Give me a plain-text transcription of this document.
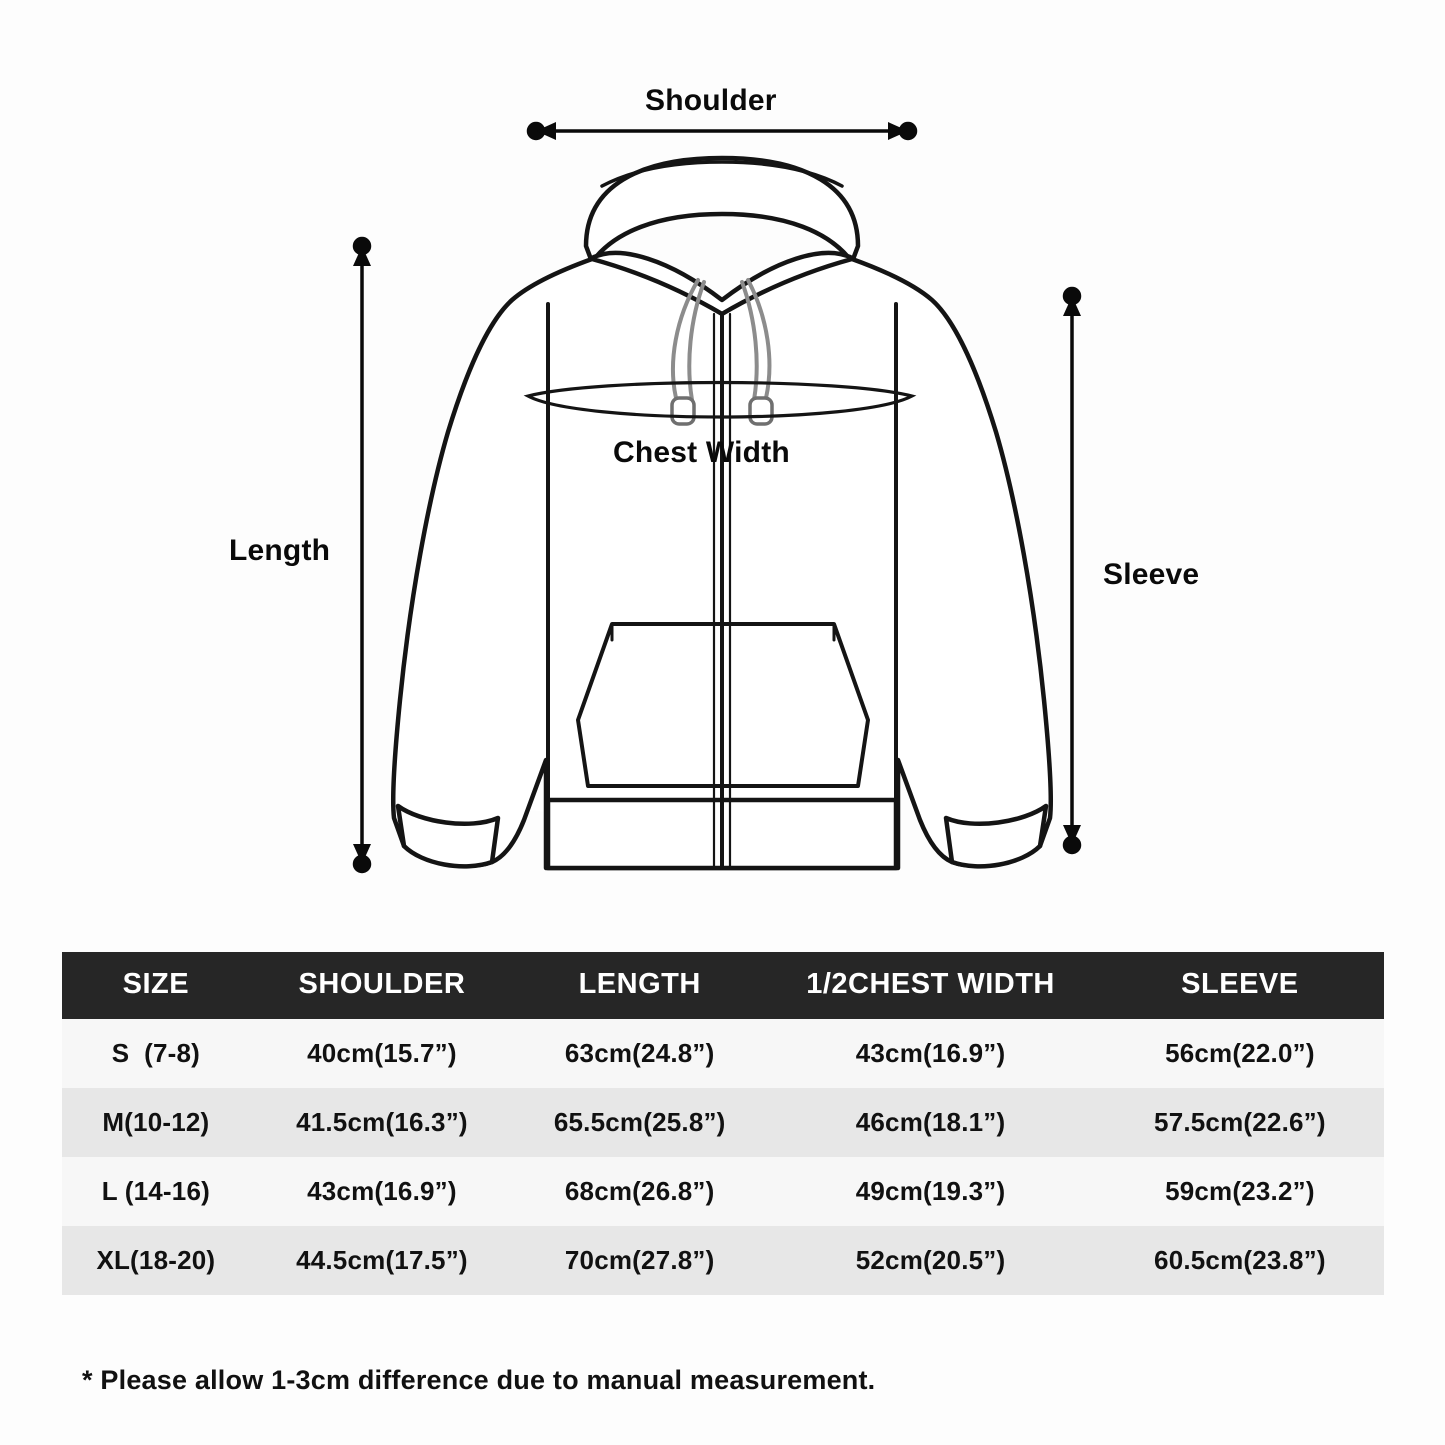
Shoulder
Chest Width
Length
Sleeve
SIZE	SHOULDER	LENGTH	1/2CHEST WIDTH	SLEEVE
S  (7-8)	40cm(15.7”)	63cm(24.8”)	43cm(16.9”)	56cm(22.0”)
M(10-12)	41.5cm(16.3”)	65.5cm(25.8”)	46cm(18.1”)	57.5cm(22.6”)
L (14-16)	43cm(16.9”)	68cm(26.8”)	49cm(19.3”)	59cm(23.2”)
XL(18-20)	44.5cm(17.5”)	70cm(27.8”)	52cm(20.5”)	60.5cm(23.8”)
* Please allow 1-3cm difference due to manual measurement.
